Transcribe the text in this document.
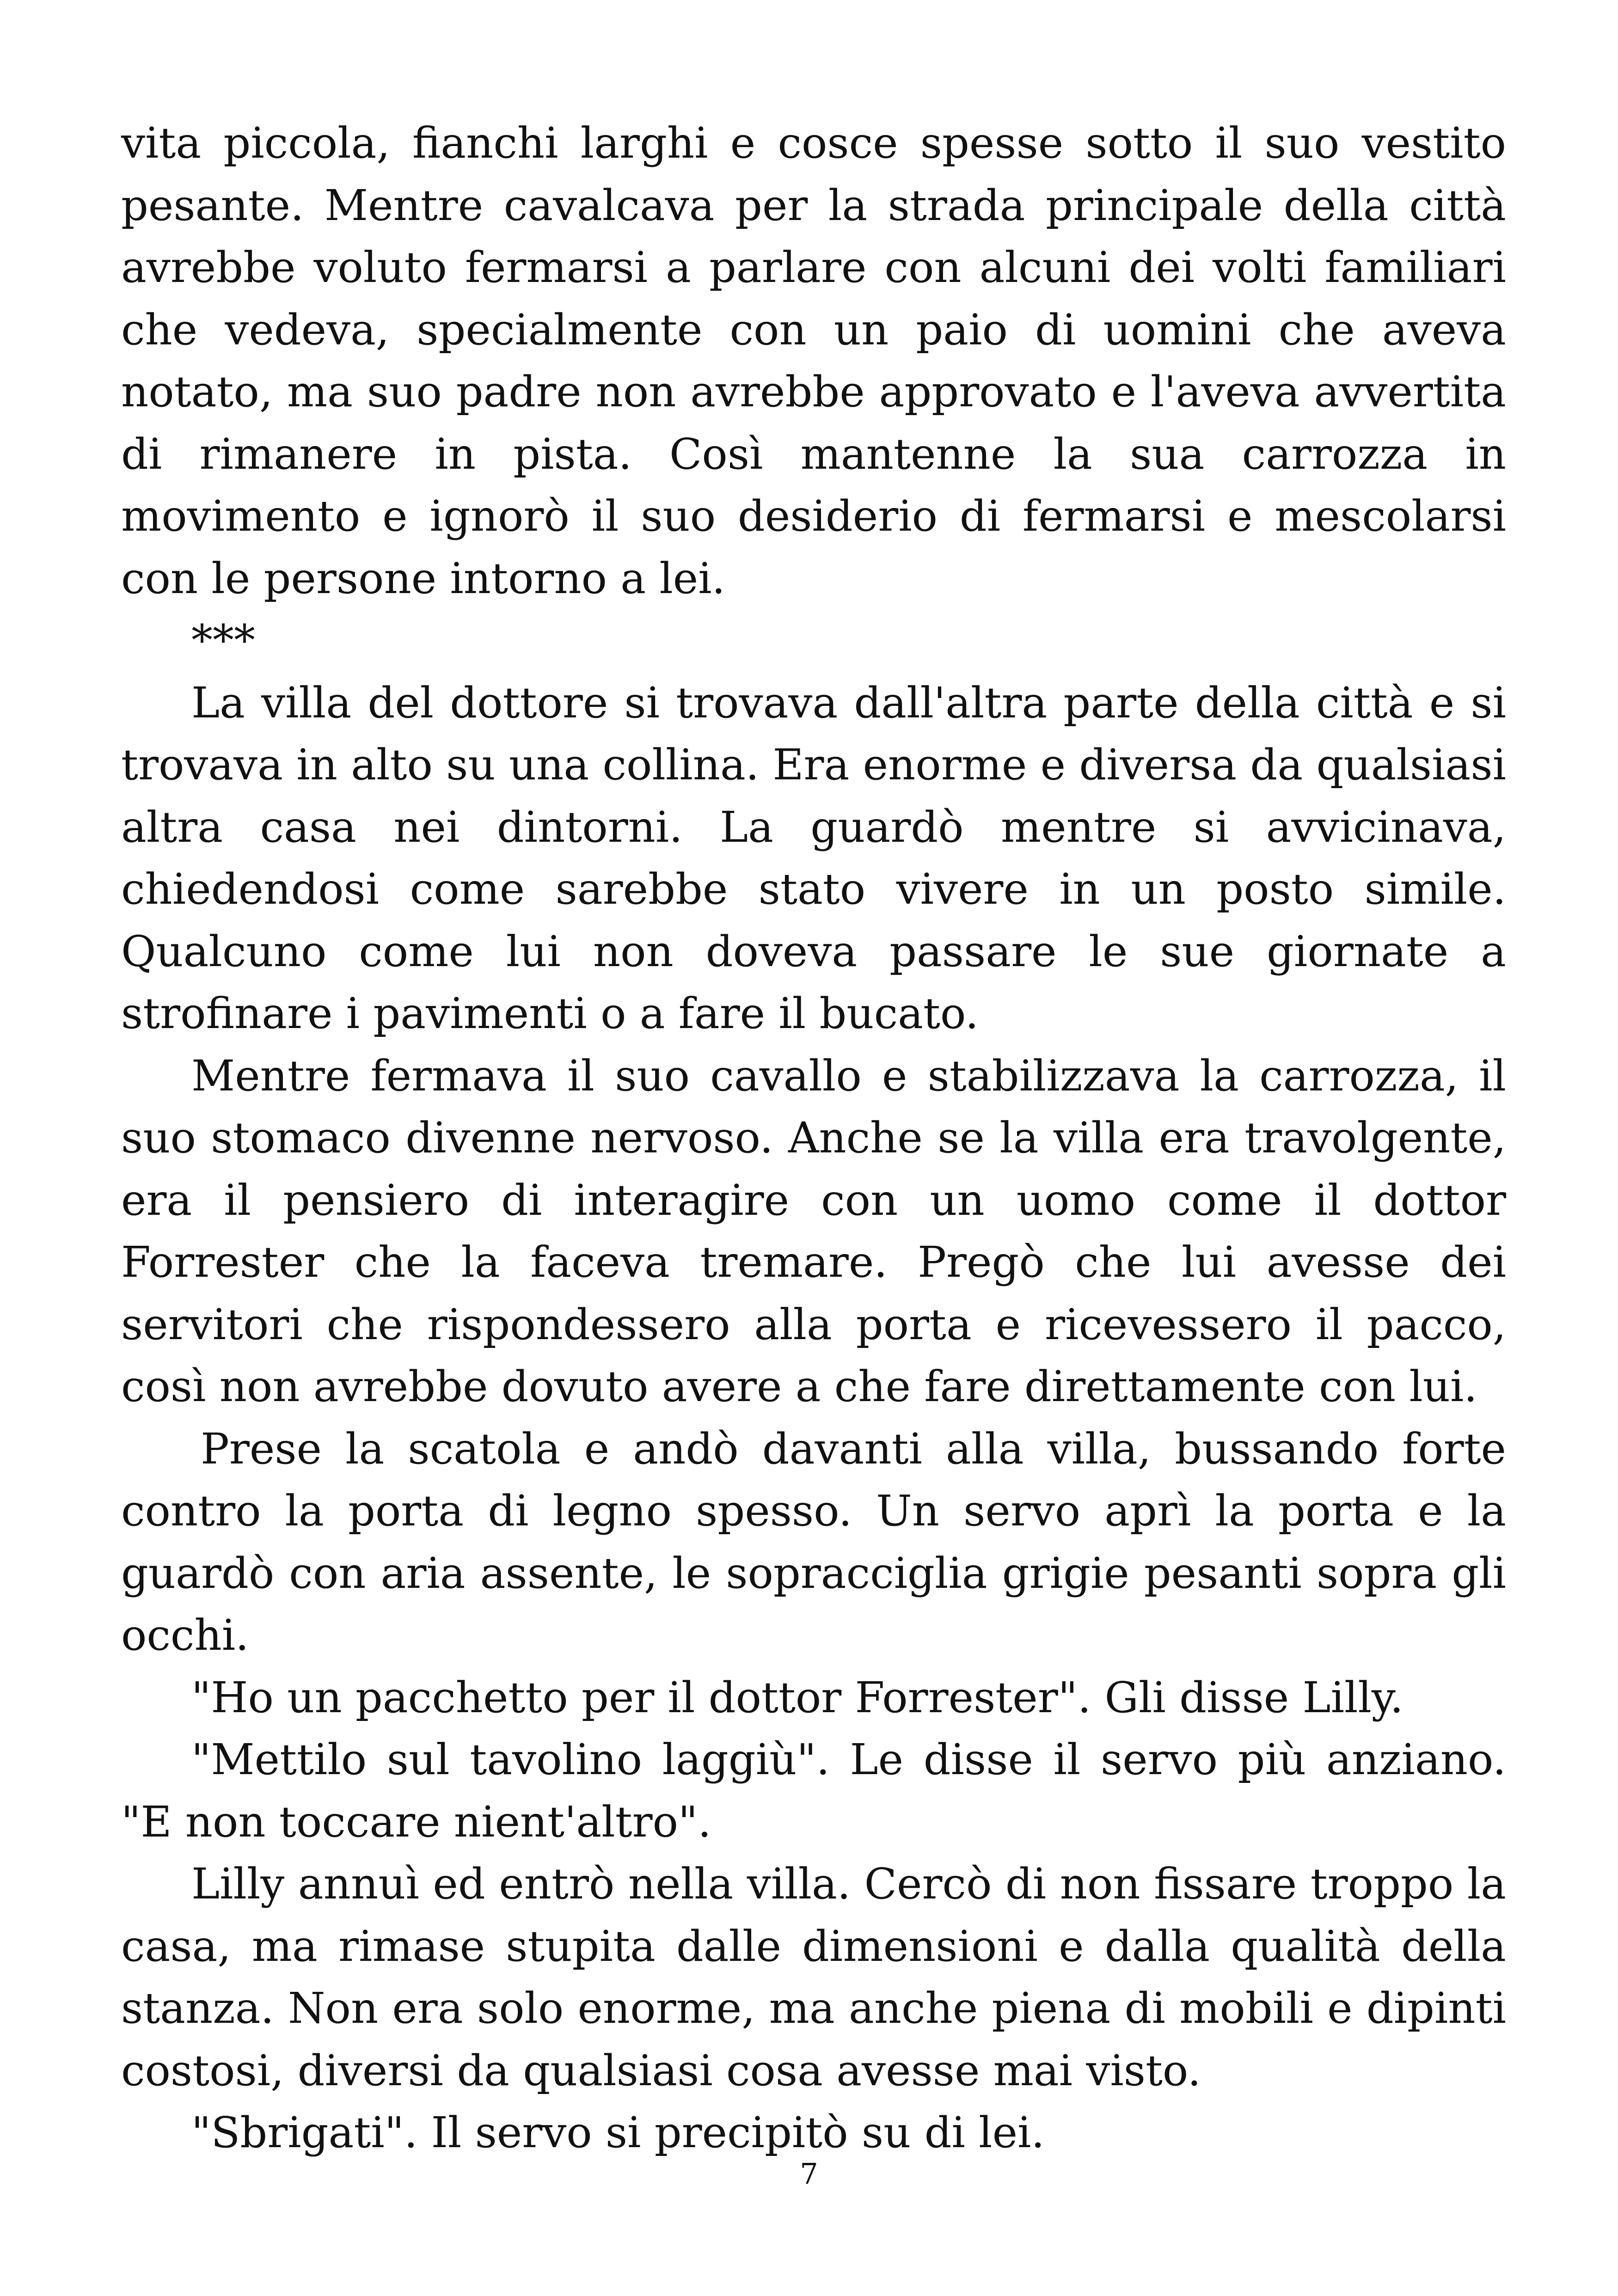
vita piccola, fianchi larghi e cosce spesse sotto il suo vestito pesante. Mentre cavalcava per la strada principale della città avrebbe voluto fermarsi a parlare con alcuni dei volti familiari che vedeva, specialmente con un paio di uomini che aveva notato, ma suo padre non avrebbe approvato e l'aveva avvertita di rimanere in pista. Così mantenne la sua carrozza in movimento e ignorò il suo desiderio di fermarsi e mescolarsi con le persone intorno a lei.

***

La villa del dottore si trovava dall'altra parte della città e si trovava in alto su una collina. Era enorme e diversa da qualsiasi altra casa nei dintorni. La guardò mentre si avvicinava, chiedendosi come sarebbe stato vivere in un posto simile. Qualcuno come lui non doveva passare le sue giornate a strofinare i pavimenti o a fare il bucato.

Mentre fermava il suo cavallo e stabilizzava la carrozza, il suo stomaco divenne nervoso. Anche se la villa era travolgente, era il pensiero di interagire con un uomo come il dottor Forrester che la faceva tremare. Pregò che lui avesse dei servitori che rispondessero alla porta e ricevessero il pacco, così non avrebbe dovuto avere a che fare direttamente con lui.

Prese la scatola e andò davanti alla villa, bussando forte contro la porta di legno spesso. Un servo aprì la porta e la guardò con aria assente, le sopracciglia grigie pesanti sopra gli occhi.

"Ho un pacchetto per il dottor Forrester". Gli disse Lilly.

"Mettilo sul tavolino laggiù". Le disse il servo più anziano. "E non toccare nient'altro".

Lilly annuì ed entrò nella villa. Cercò di non fissare troppo la casa, ma rimase stupita dalle dimensioni e dalla qualità della stanza. Non era solo enorme, ma anche piena di mobili e dipinti costosi, diversi da qualsiasi cosa avesse mai visto.

"Sbrigati". Il servo si precipitò su di lei.

7
